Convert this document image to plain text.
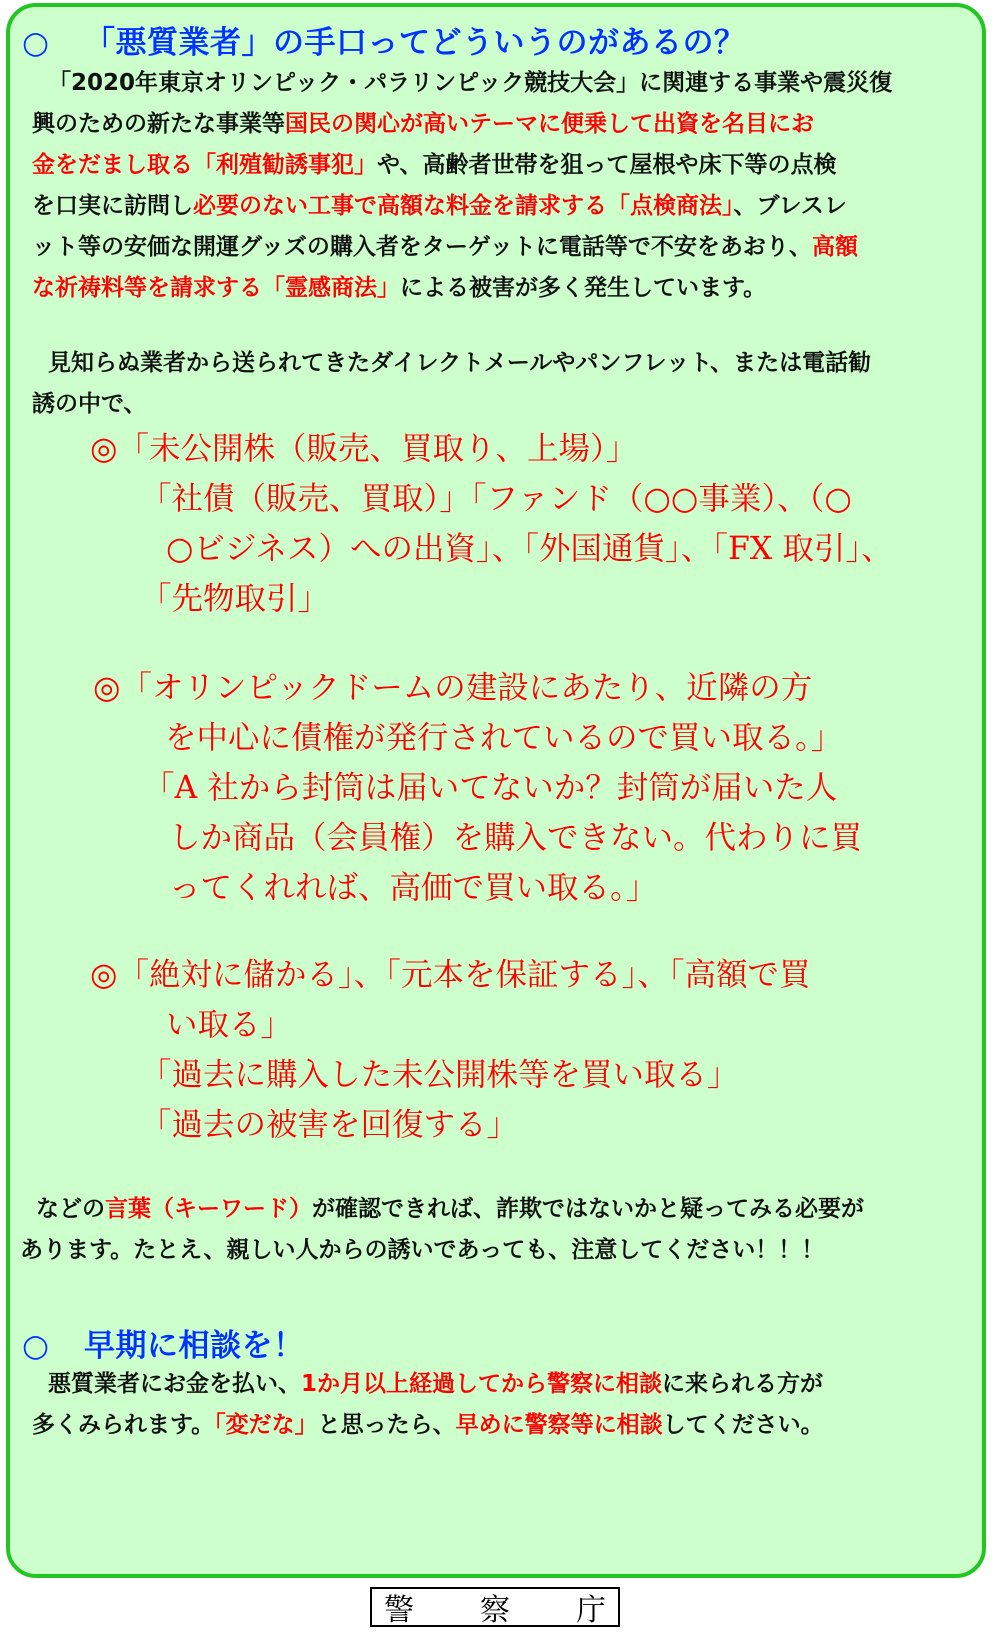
○ 「悪質業者」の手口ってどういうのがあるの？
「2020年東京オリンピック・パラリンピック競技大会」に関連する事業や震災復
興のための新たな事業等国民の関心が高いテーマに便乗して出資を名目にお
金をだまし取る「利殖勧誘事犯」や、高齢者世帯を狙って屋根や床下等の点検
を口実に訪問し必要のない工事で高額な料金を請求する「点検商法」、ブレスレ
ット等の安価な開運グッズの購入者をターゲットに電話等で不安をあおり、高額
な祈祷料等を請求する「霊感商法」による被害が多く発生しています。
見知らぬ業者から送られてきたダイレクトメールやパンフレット、または電話勧
誘の中で、
◎「未公開株（販売、買取り、上場）」
「社債（販売、買取）」「ファンド（○○事業）、（○
○ビジネス）への出資」、「外国通貨」、「FX 取引」、
「先物取引」
◎「オリンピックドームの建設にあたり、近隣の方
を中心に債権が発行されているので買い取る。」
「A 社から封筒は届いてないか？封筒が届いた人
しか商品（会員権）を購入できない。代わりに買
ってくれれば、高価で買い取る。」
◎「絶対に儲かる」、「元本を保証する」、「高額で買
い取る」
「過去に購入した未公開株等を買い取る」
「過去の被害を回復する」
などの言葉（キーワード）が確認できれば、詐欺ではないかと疑ってみる必要が
あります。たとえ、親しい人からの誘いであっても、注意してください！！！
○ 早期に相談を！
悪質業者にお金を払い、1か月以上経過してから警察に相談に来られる方が
多くみられます。「変だな」と思ったら、早めに警察等に相談してください。
警 察 庁
